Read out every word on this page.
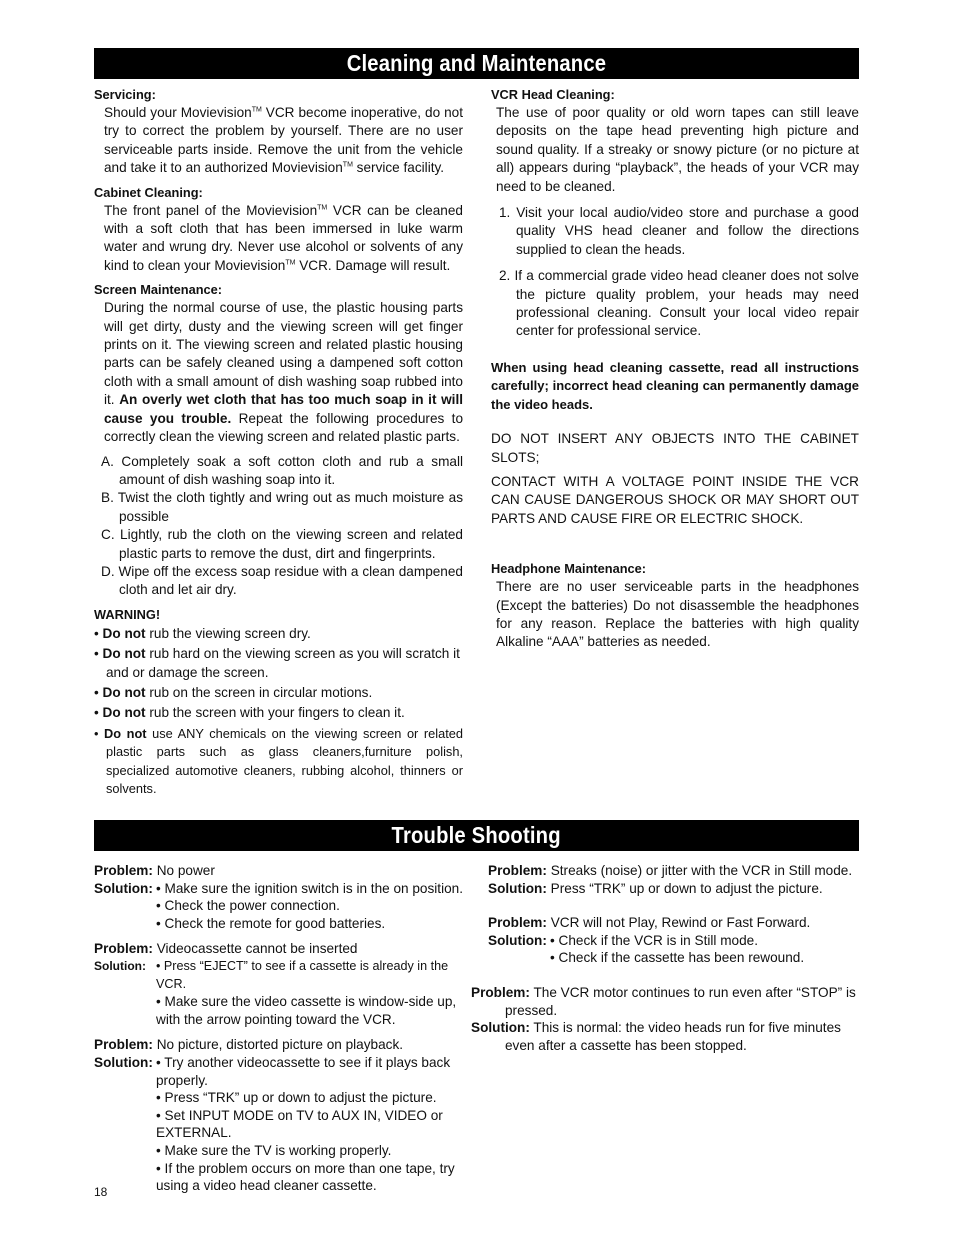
Cleaning and Maintenance

Servicing:

Should your Movievision™ VCR become inoperative, do not try to correct the problem by yourself. There are no user serviceable parts inside. Remove the unit from the vehicle and take it to an authorized Movievision™ service facility.

Cabinet Cleaning:

The front panel of the Movievision™ VCR can be cleaned with a soft cloth that has been immersed in luke warm water and wrung dry. Never use alcohol or solvents of any kind to clean your Movievision™ VCR. Damage will result.

Screen Maintenance:

During the normal course of use, the plastic housing parts will get dirty, dusty and the viewing screen will get finger prints on it. The viewing screen and related plastic housing parts can be safely cleaned using a dampened soft cotton cloth with a small amount of dish washing soap rubbed into it. An overly wet cloth that has too much soap in it will cause you trouble. Repeat the following procedures to correctly clean the viewing screen and related plastic parts.

A. Completely soak a soft cotton cloth and rub a small amount of dish washing soap into it.

B. Twist the cloth tightly and wring out as much moisture as possible

C. Lightly, rub the cloth on the viewing screen and related plastic parts to remove the dust, dirt and fingerprints.

D. Wipe off the excess soap residue with a clean dampened cloth and let air dry.

WARNING!

• Do not rub the viewing screen dry.

• Do not rub hard on the viewing screen as you will scratch it and or damage the screen.

• Do not rub on the screen in circular motions.

• Do not rub the screen with your fingers to clean it.

• Do not use ANY chemicals on the viewing screen or related plastic parts such as glass cleaners,furniture polish, specialized automotive cleaners, rubbing alcohol, thinners or solvents.

VCR Head Cleaning:

The use of poor quality or old worn tapes can still leave deposits on the tape head preventing high picture and sound quality. If a streaky or snowy picture (or no picture at all) appears during “playback”, the heads of your VCR may need to be cleaned.

1. Visit your local audio/video store and purchase a good quality VHS head cleaner and follow the directions supplied to clean the heads.

2. If a commercial grade video head cleaner does not solve the picture quality problem, your heads may need professional cleaning. Consult your local video repair center for professional service.

When using head cleaning cassette, read all instructions carefully; incorrect head cleaning can permanently damage the video heads.

DO NOT INSERT ANY OBJECTS INTO THE CABINET SLOTS;

CONTACT WITH A VOLTAGE POINT INSIDE THE VCR CAN CAUSE DANGEROUS SHOCK OR MAY SHORT OUT PARTS AND CAUSE FIRE OR ELECTRIC SHOCK.

Headphone Maintenance:

There are no user serviceable parts in the headphones (Except the batteries) Do not disassemble the headphones for any reason. Replace the batteries with high quality Alkaline “AAA” batteries as needed.

Trouble Shooting
Problem: No power
Solution: • Make sure the ignition switch is in the on position.
• Check the power connection.
• Check the remote for good batteries.
Problem: Videocassette cannot be inserted
Solution: • Press “EJECT” to see if a cassette is already in the VCR.
• Make sure the video cassette is window-side up, with the arrow pointing toward the VCR.
Problem: No picture, distorted picture on playback.
Solution: • Try another videocassette to see if it plays back properly.
• Press “TRK” up or down to adjust the picture.
• Set INPUT MODE on TV to AUX IN, VIDEO or EXTERNAL.
• Make sure the TV is working properly.
• If the problem occurs on more than one tape, try using a video head cleaner cassette.
Problem: Streaks (noise) or jitter with the VCR in Still mode.
Solution: Press “TRK” up or down to adjust the picture.
Problem: VCR will not Play, Rewind or Fast Forward.
Solution: • Check if the VCR is in Still mode.
• Check if the cassette has been rewound.
Problem: The VCR motor continues to run even after “STOP” is pressed.
Solution: This is normal: the video heads run for five minutes even after a cassette has been stopped.
18
